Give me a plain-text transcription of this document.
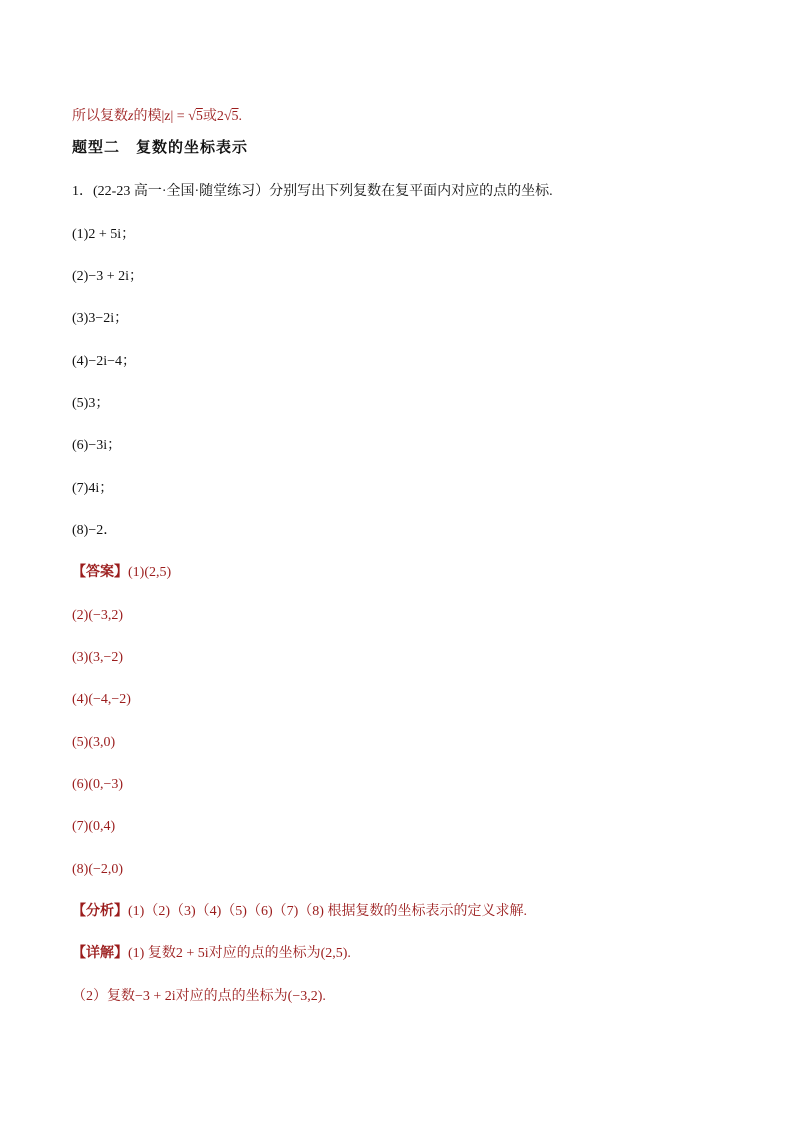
所以复数z的模|z| = √5或2√5.
题型二　复数的坐标表示
1．(22-23 高一·全国·随堂练习）分别写出下列复数在复平面内对应的点的坐标.
(1)2 + 5i；
(2)−3 + 2i；
(3)3−2i；
(4)−2i−4；
(5)3；
(6)−3i；
(7)4i；
(8)−2．
【答案】(1)(2,5)
(2)(−3,2)
(3)(3,−2)
(4)(−4,−2)
(5)(3,0)
(6)(0,−3)
(7)(0,4)
(8)(−2,0)
【分析】(1)（2)（3)（4)（5)（6)（7)（8) 根据复数的坐标表示的定义求解.
【详解】(1) 复数2 + 5i对应的点的坐标为(2,5).
（2）复数−3 + 2i对应的点的坐标为(−3,2).
